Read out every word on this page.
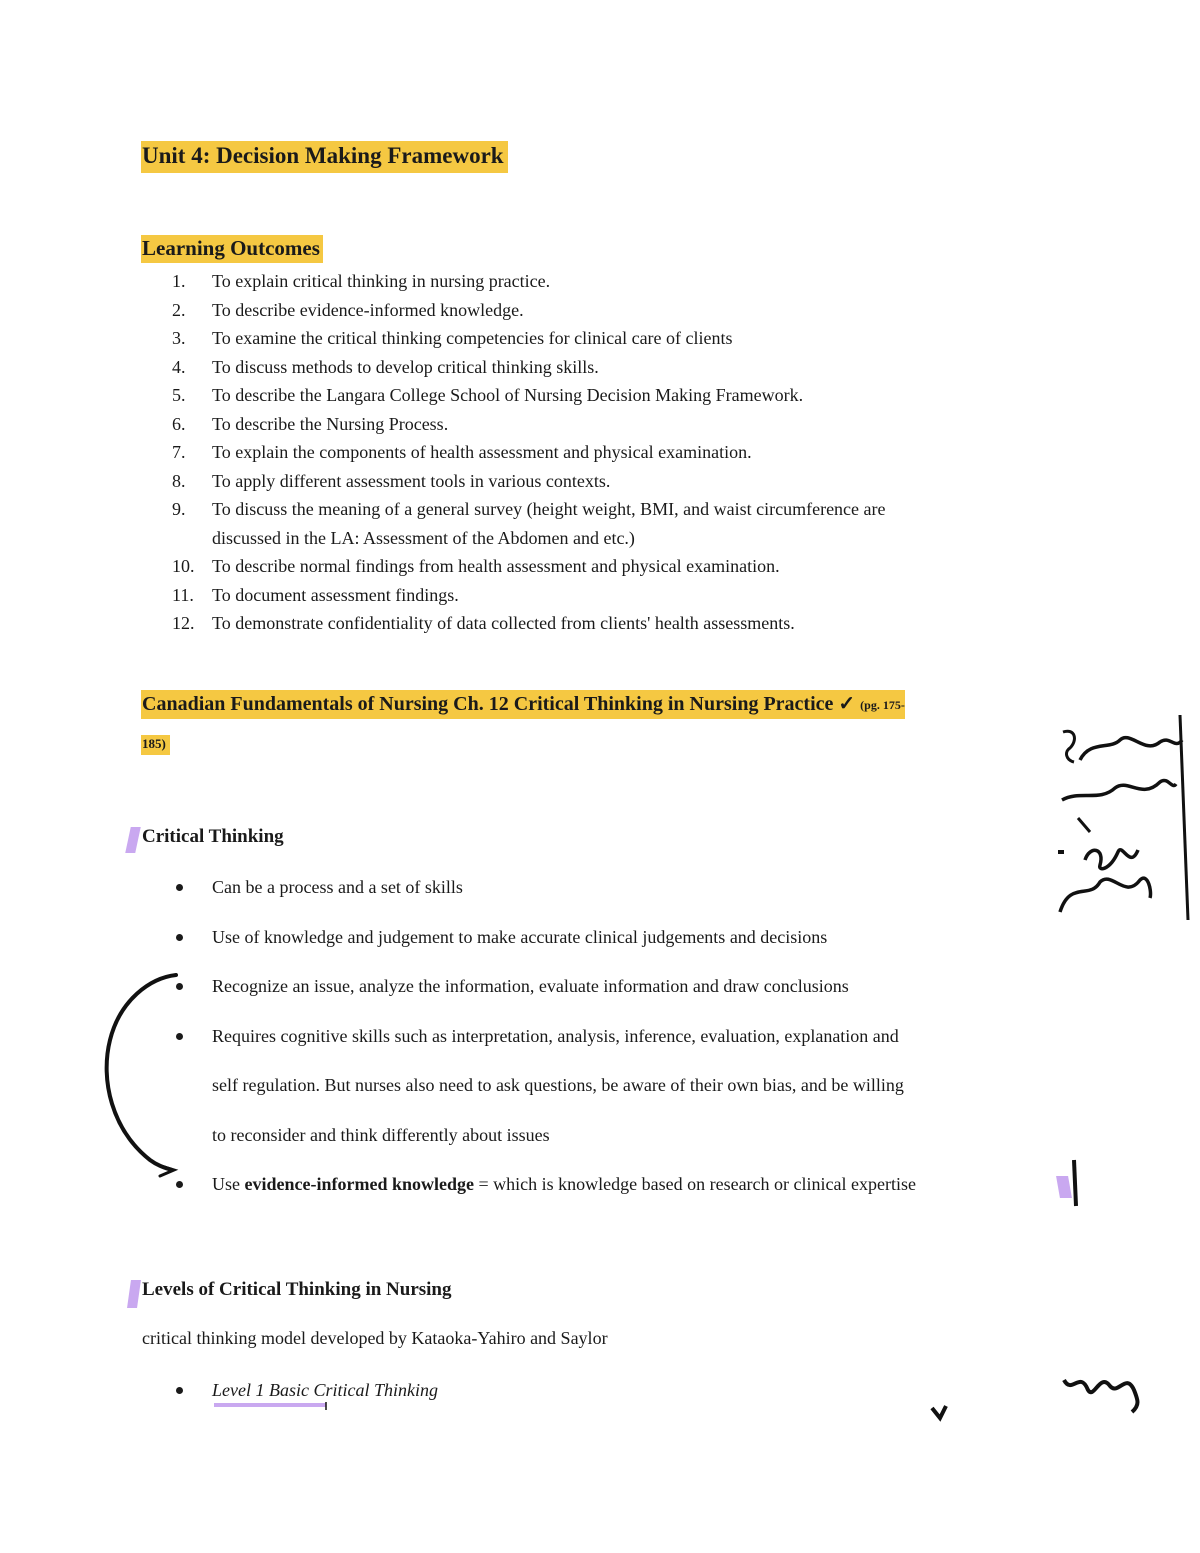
Unit 4: Decision Making Framework
Learning Outcomes
1.	To explain critical thinking in nursing practice.
2.	To describe evidence-informed knowledge.
3.	To examine the critical thinking competencies for clinical care of clients
4.	To discuss methods to develop critical thinking skills.
5.	To describe the Langara College School of Nursing Decision Making Framework.
6.	To describe the Nursing Process.
7.	To explain the components of health assessment and physical examination.
8.	To apply different assessment tools in various contexts.
9.	To discuss the meaning of a general survey (height weight, BMI, and waist circumference are
discussed in the LA: Assessment of the Abdomen and etc.)
10. To describe normal findings from health assessment and physical examination.
11.	To document assessment findings.
12. To demonstrate confidentiality of data collected from clients' health assessments.
Canadian Fundamentals of Nursing Ch. 12 Critical Thinking in Nursing Practice ✓ (pg. 175-
185)
Critical Thinking
Can be a process and a set of skills
Use of knowledge and judgement to make accurate clinical judgements and decisions
Recognize an issue, analyze the information, evaluate information and draw conclusions
Requires cognitive skills such as interpretation, analysis, inference, evaluation, explanation and
self regulation. But nurses also need to ask questions, be aware of their own bias, and be willing
to reconsider and think differently about issues
Use evidence-informed knowledge = which is knowledge based on research or clinical expertise
Levels of Critical Thinking in Nursing
critical thinking model developed by Kataoka-Yahiro and Saylor
Level 1 Basic Critical Thinking
